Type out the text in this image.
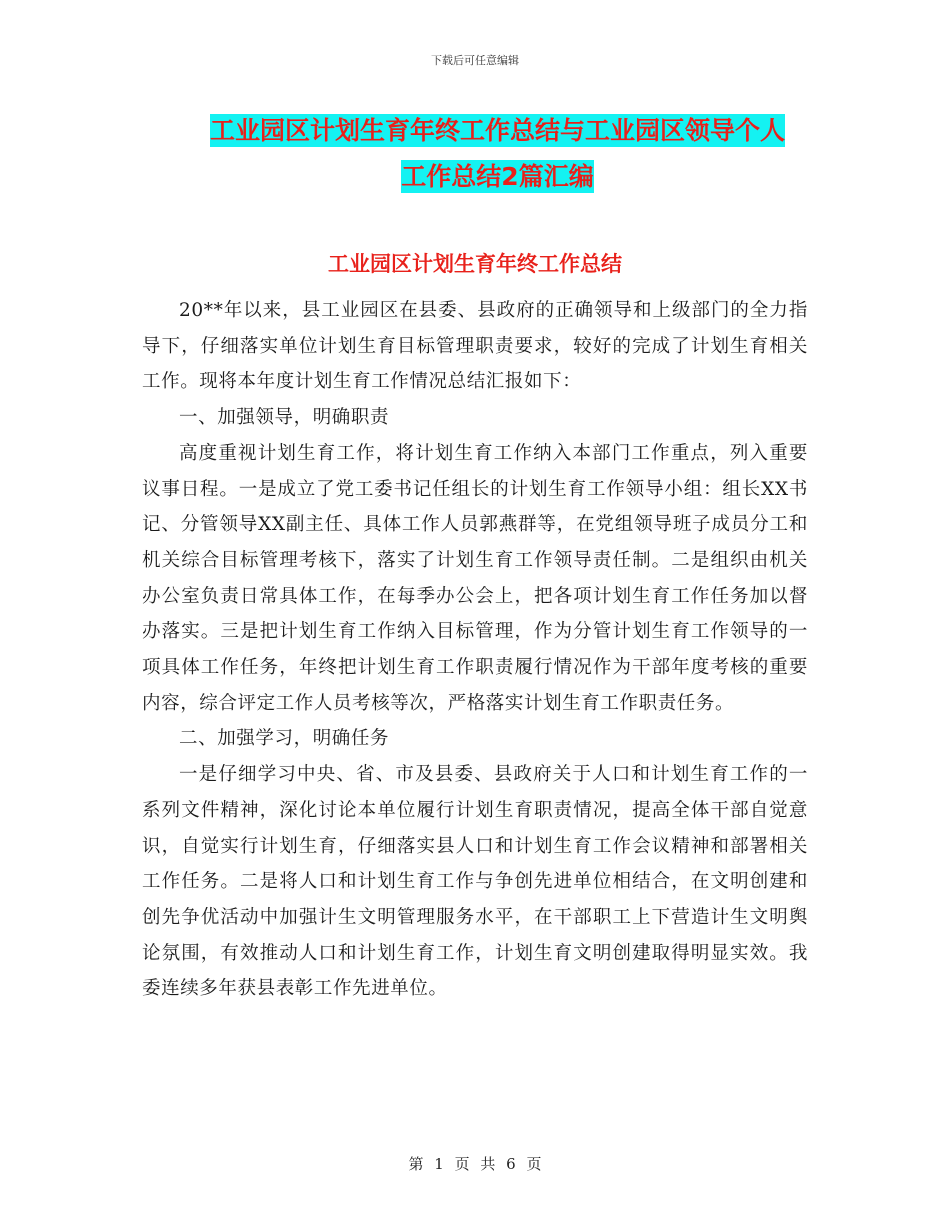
下载后可任意编辑
工业园区计划生育年终工作总结与工业园区领导个人
工作总结2篇汇编
工业园区计划生育年终工作总结

20**年以来，县工业园区在县委、县政府的正确领导和上级部门的全力指导下，仔细落实单位计划生育目标管理职责要求，较好的完成了计划生育相关工作。现将本年度计划生育工作情况总结汇报如下：

一、加强领导，明确职责

高度重视计划生育工作，将计划生育工作纳入本部门工作重点，列入重要议事日程。一是成立了党工委书记任组长的计划生育工作领导小组：组长XX书记、分管领导XX副主任、具体工作人员郭燕群等，在党组领导班子成员分工和机关综合目标管理考核下，落实了计划生育工作领导责任制。二是组织由机关办公室负责日常具体工作，在每季办公会上，把各项计划生育工作任务加以督办落实。三是把计划生育工作纳入目标管理，作为分管计划生育工作领导的一项具体工作任务，年终把计划生育工作职责履行情况作为干部年度考核的重要内容，综合评定工作人员考核等次，严格落实计划生育工作职责任务。

二、加强学习，明确任务

一是仔细学习中央、省、市及县委、县政府关于人口和计划生育工作的一系列文件精神，深化讨论本单位履行计划生育职责情况，提高全体干部自觉意识，自觉实行计划生育，仔细落实县人口和计划生育工作会议精神和部署相关工作任务。二是将人口和计划生育工作与争创先进单位相结合，在文明创建和创先争优活动中加强计生文明管理服务水平，在干部职工上下营造计生文明舆论氛围，有效推动人口和计划生育工作，计划生育文明创建取得明显实效。我委连续多年获县表彰工作先进单位。

第 1 页 共 6 页
